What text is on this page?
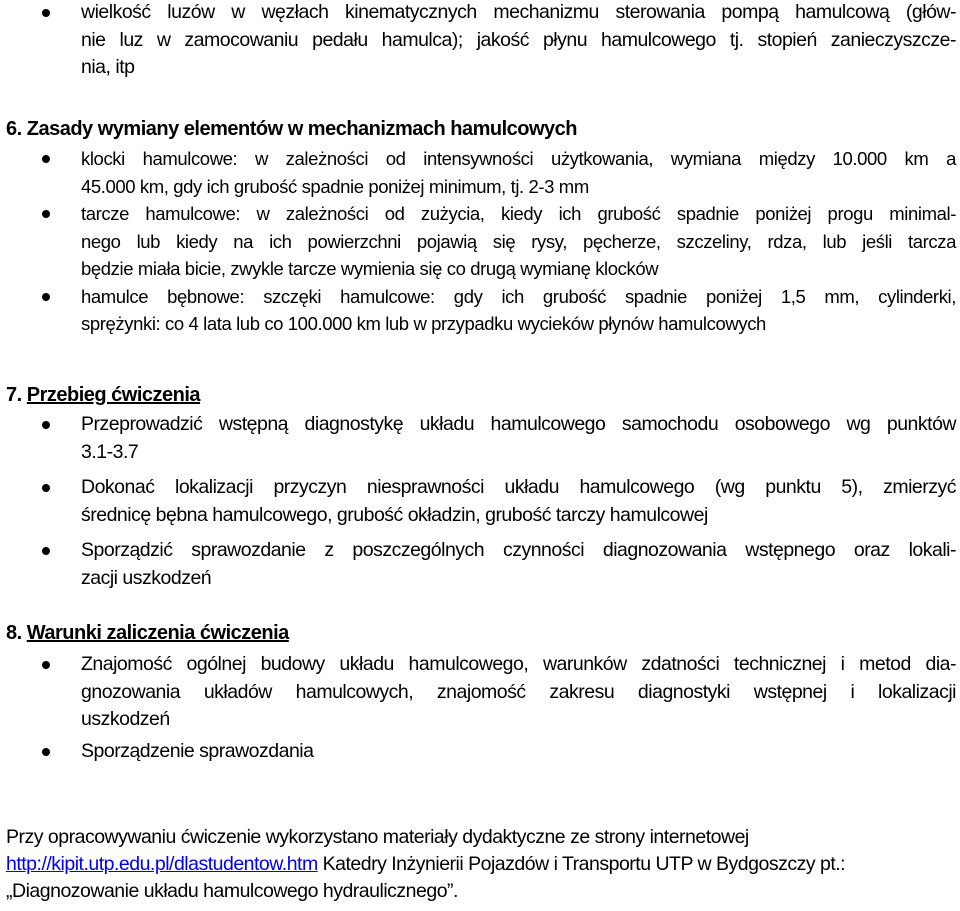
wielkość luzów w węzłach kinematycznych mechanizmu sterowania pompą hamulcową (głów-
nie luz w zamocowaniu pedału hamulca); jakość płynu hamulcowego tj. stopień zanieczyszcze-
nia, itp
6. Zasady wymiany elementów w mechanizmach hamulcowych
klocki hamulcowe: w zależności od intensywności użytkowania, wymiana między 10.000 km a
45.000 km, gdy ich grubość spadnie poniżej minimum, tj. 2-3 mm
tarcze hamulcowe: w zależności od zużycia, kiedy ich grubość spadnie poniżej progu minimal-
nego lub kiedy na ich powierzchni pojawią się rysy, pęcherze, szczeliny, rdza, lub jeśli tarcza
będzie miała bicie, zwykle tarcze wymienia się co drugą wymianę klocków
hamulce bębnowe: szczęki hamulcowe: gdy ich grubość spadnie poniżej 1,5 mm, cylinderki,
sprężynki: co 4 lata lub co 100.000 km lub w przypadku wycieków płynów hamulcowych
7. Przebieg ćwiczenia
Przeprowadzić wstępną diagnostykę układu hamulcowego samochodu osobowego wg punktów
3.1-3.7
Dokonać lokalizacji przyczyn niesprawności układu hamulcowego (wg punktu 5), zmierzyć
średnicę bębna hamulcowego, grubość okładzin, grubość tarczy hamulcowej
Sporządzić sprawozdanie z poszczególnych czynności diagnozowania wstępnego oraz lokali-
zacji uszkodzeń
8. Warunki zaliczenia ćwiczenia
Znajomość ogólnej budowy układu hamulcowego, warunków zdatności technicznej i metod dia-
gnozowania układów hamulcowych, znajomość zakresu diagnostyki wstępnej i lokalizacji
uszkodzeń
Sporządzenie sprawozdania
Przy opracowywaniu ćwiczenie wykorzystano materiały dydaktyczne ze strony internetowej
http://kipit.utp.edu.pl/dlastudentow.htm Katedry Inżynierii Pojazdów i Transportu UTP w Bydgoszczy pt.:
„Diagnozowanie układu hamulcowego hydraulicznego”.
